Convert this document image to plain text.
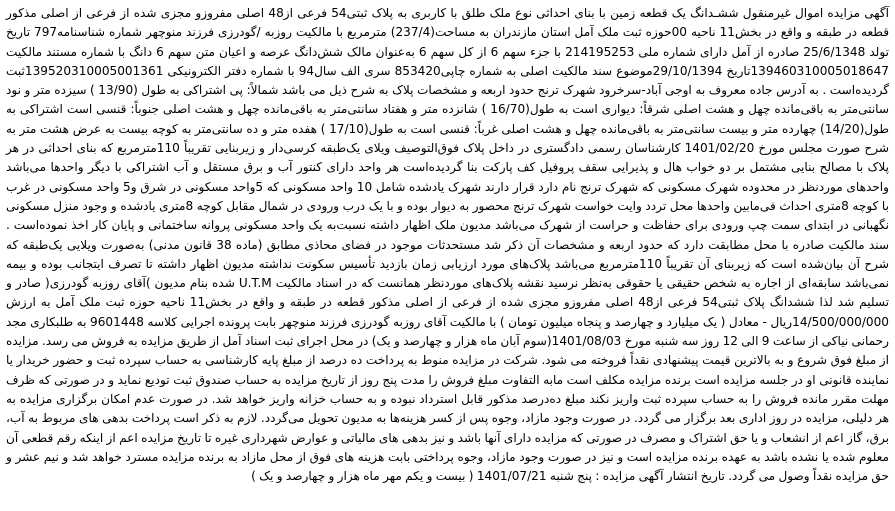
آگهی مزایده اموال غیرمنقول ششـدانگ یک قطعه زمین با بنای احداثی نوع ملک طلق با کاربری به پلاک ثبتی54 فرعی از48 اصلی مفروزو مجزی شده از فرعی از اصلی مذکور قطعه در طبقه و واقع در بخش11 ناحیه 00حوزه ثبت ملک آمل استان مازندران به مساحت(237/4) مترمربع با مالکیت روزبه /گودرزی فرزند منوچهر شماره شناسنامه797 تاریخ تولد 25/6/1348 صادره از آمل دارای شماره ملی 214195253 با جزء سهم 6 از کل سهم 6 به‌عنوان مالک شش‌دانگ عرصه و اعیان متن سهم 6 دانگ با شماره مستند مالکیت 139460310005018647تاریخ 29/10/1394موضوع سند مالکیت اصلی به شماره چاپی853420 سری الف سال94 با شماره دفتر الکترونیکی 139520310005001361ثبت گردیده‌است . به آدرس جاده معروف به اوجی آباد-سرخرود شهرک ترنج حدود اربعه و مشخصات پلاک به شرح ذیل می باشد شمالاً: پی اشتراکی به طول (13/90 ) سیزده متر و نود سانتی‌متر به باقی‌مانده چهل و هشت اصلی شرقاً: دیواری است به طول(16/70 ) شانزده متر و هفتاد سانتی‌متر به باقی‌مانده چهل و هشت اصلی جنوباً: قنسی است اشتراکی به طول(14/20) چهارده متر و بیست سانتی‌متر به باقی‌مانده چهل و هشت اصلی غرباً: قنسی است به طول(17/10 ) هفده متر و ده سانتی‌متر به کوچه بیست به عرض هشت متر به شرح صورت مجلس مورخ 1401/02/20 کارشناسان رسمی دادگستری در داخل پلاک فوق‌التوصیف ویلای یک‌طبقه کرسی‌دار و زیربنایی تقریباً 110مترمربع که بنای احداثی در هر پلاک با مصالح بنایی مشتمل بر دو خواب هال و پذیرایی سقف پروفیل کف پارکت بنا گردیده‌است هر واحد دارای کنتور آب و برق مستقل و آب اشتراکی با دیگر واحدها می‌باشد واحدهای موردنظر در محدوده شهرک مسکونی که شهرک ترنج نام دارد قرار دارند شهرک یادشده شامل 10 واحد مسکونی که 5واحد مسکونی در شرق و5 واحد مسکونی در غرب با کوچه 8متری احداث فی‌مابین واحدها محل تردد وایت خواست شهرک ترنج محصور به دیوار بوده و با یک درب ورودی در شمال مقابل کوچه 8متری یادشده و وجود منزل مسکونی نگهبانی در ابتدای سمت چپ ورودی برای حفاظت و حراست از شهرک می‌باشد مدیون ملک اظهار داشته نسبت‌به یک واحد مسکونی پروانه ساختمانی و پایان کار اخذ نموده‌است . سند مالکیت صادره با محل مطابقت دارد که حدود اربعه و مشخصات آن ذکر شد مستحدثات موجود در فضای محاذی مطابق (ماده 38 قانون مدنی) به‌صورت ویلایی یک‌طبقه که شرح آن بیان‌شده است که زیربنای آن تقریباً 110مترمربع می‌باشد پلاک‌های مورد ارزیابی زمان بازدید تأسیس سکونت نداشته مدیون اظهار داشته تا تصرف ایتجانب بوده و بیمه نمی‌باشد سابقه‌ای از اجاره به شخص حقیقی یا حقوقی به‌نظر نرسید نقشه پلاک‌های موردنظر همانست که در اسناد مالکیت U.T.M شده بنام مدیون )آقای روزبه گودرزی( صادر و تسلیم شد لذا ششدانگ پلاک ثبتی54 فرعی از48 اصلی مفروزو مجزی شده از فرعی از اصلی مذکور قطعه در طبقه و واقع در بخش11 ناحیه حوزه ثبت ملک آمل به ارزش 14/500/000/000ریال - معادل ( یک میلیارد و چهارصد و پنجاه میلیون تومان ) با مالکیت آقای روزبه گودرزی فرزند منوچهر بابت پرونده اجرایی کلاسه 9601448 به طلبکاری مجد رحمانی نیاکی از ساعت 9 الی 12 روز سه شنبه مورخ 1401/08/03(سوم آبان ماه هزار و چهارصد و یک) در محل اجرای ثبت اسناد آمل از طریق مزایده به فروش می رسد. مزایده از مبلغ فوق شروع و به بالاترین قیمت پیشنهادی نقداً فروخته می شود. شرکت در مزایده منوط به پرداخت ده درصد از مبلغ پایه کارشناسی به حساب سپرده ثبت و حضور خریدار یا نماینده قانونی او در جلسه مزایده است برنده مزایده مکلف است مابه التفاوت مبلغ فروش را مدت پنج روز از تاریخ مزایده به حساب صندوق ثبت تودیع نماید و در صورتی که ظرف مهلت مقرر مانده فروش را به حساب سپرده ثبت واریز نکند مبلغ ده‌درصد مذکور قابل استرداد نبوده و به حساب خزانه واریز خواهد شد. در صورت عدم امکان برگزاری مزایده به هر دلیلی، مزایده در روز اداری بعد برگزار می گردد. در صورت وجود مازاد، وجوه پس از کسر هزینه‌ها به مدیون تحویل می‌گردد. لازم به ذکر است پرداخت بدهی های مربوط به آب، برق، گاز اعم از انشعاب و یا حق اشتراک و مصرف در صورتی که مزایده دارای آنها باشد و نیز بدهی های مالیاتی و عوارض شهرداری غیره تا تاریخ مزایده اعم از اینکه رقم قطعی آن معلوم شده یا نشده باشد به عهده برنده مزایده است و نیز در صورت وجود مازاد، وجوه پرداختی بابت هزینه های فوق از محل مازاد به برنده مزایده مسترد خواهد شد و نیم عشر و حق مزایده نقداً وصول می گردد. تاریخ انتشار آگهی مزایده : پنج شنبه 1401/07/21 ( بیست و یکم مهر ماه هزار و چهارصد و یک )
